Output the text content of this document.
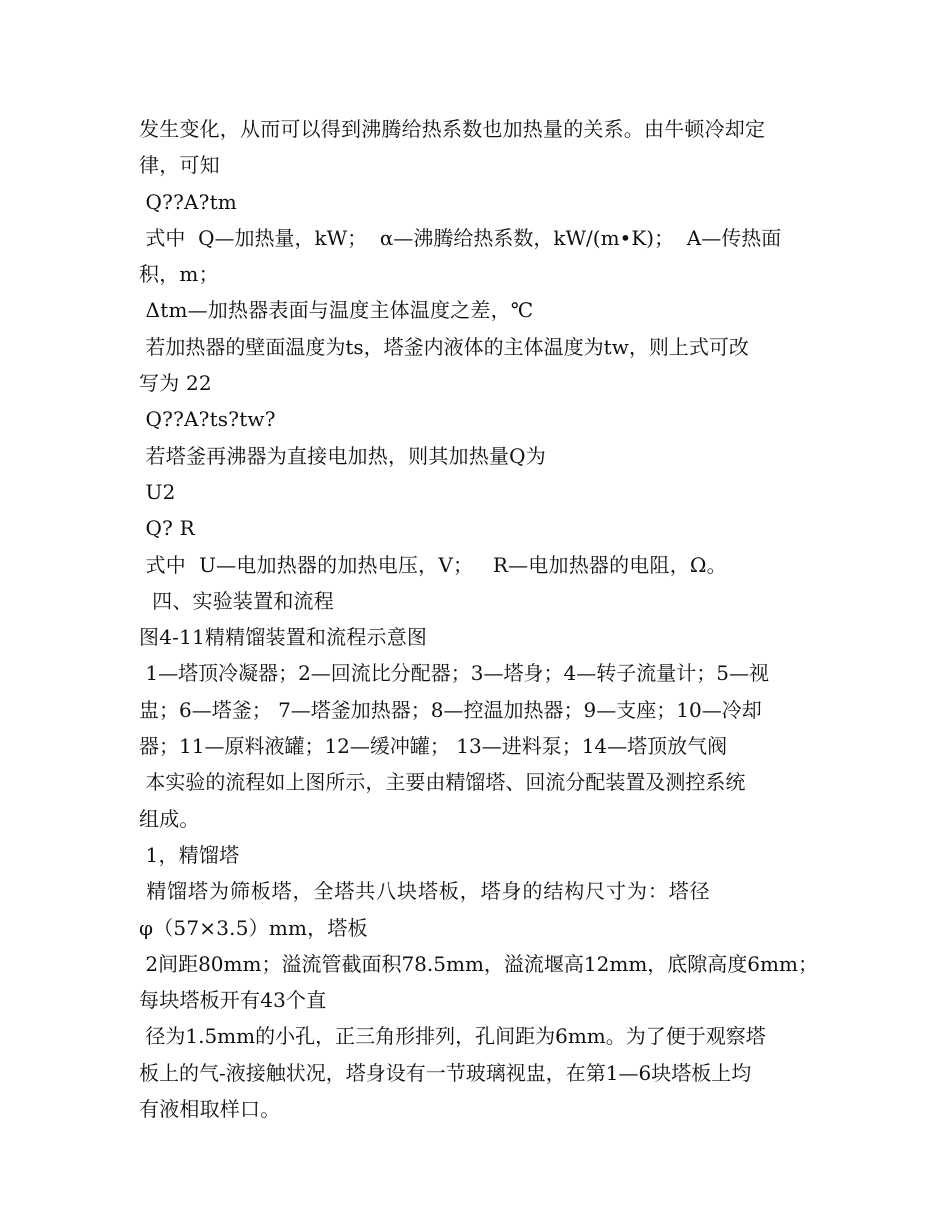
发生变化，从而可以得到沸腾给热系数也加热量的关系。由牛顿冷却定
律，可知
Q??A?tm
式中  Q—加热量，kW；  α—沸腾给热系数，kW/(m•K)；  A—传热面
积，m；
Δtm—加热器表面与温度主体温度之差，℃
若加热器的壁面温度为ts，塔釜内液体的主体温度为tw，则上式可改
写为 22
Q??A?ts?tw?
若塔釜再沸器为直接电加热，则其加热量Q为
U2
Q? R
式中  U—电加热器的加热电压，V；   R—电加热器的电阻，Ω。
四、实验装置和流程
图4-11精精馏装置和流程示意图
1—塔顶冷凝器；2—回流比分配器；3—塔身；4—转子流量计；5—视
盅；6—塔釜； 7—塔釜加热器；8—控温加热器；9—支座；10—冷却
器；11—原料液罐；12—缓冲罐； 13—进料泵；14—塔顶放气阀
本实验的流程如上图所示，主要由精馏塔、回流分配装置及测控系统
组成。
1，精馏塔
精馏塔为筛板塔，全塔共八块塔板，塔身的结构尺寸为：塔径
φ（57×3.5）mm，塔板
2间距80mm；溢流管截面积78.5mm，溢流堰高12mm，底隙高度6mm；
每块塔板开有43个直
径为1.5mm的小孔，正三角形排列，孔间距为6mm。为了便于观察塔
板上的气-液接触状况，塔身设有一节玻璃视盅，在第1—6块塔板上均
有液相取样口。
